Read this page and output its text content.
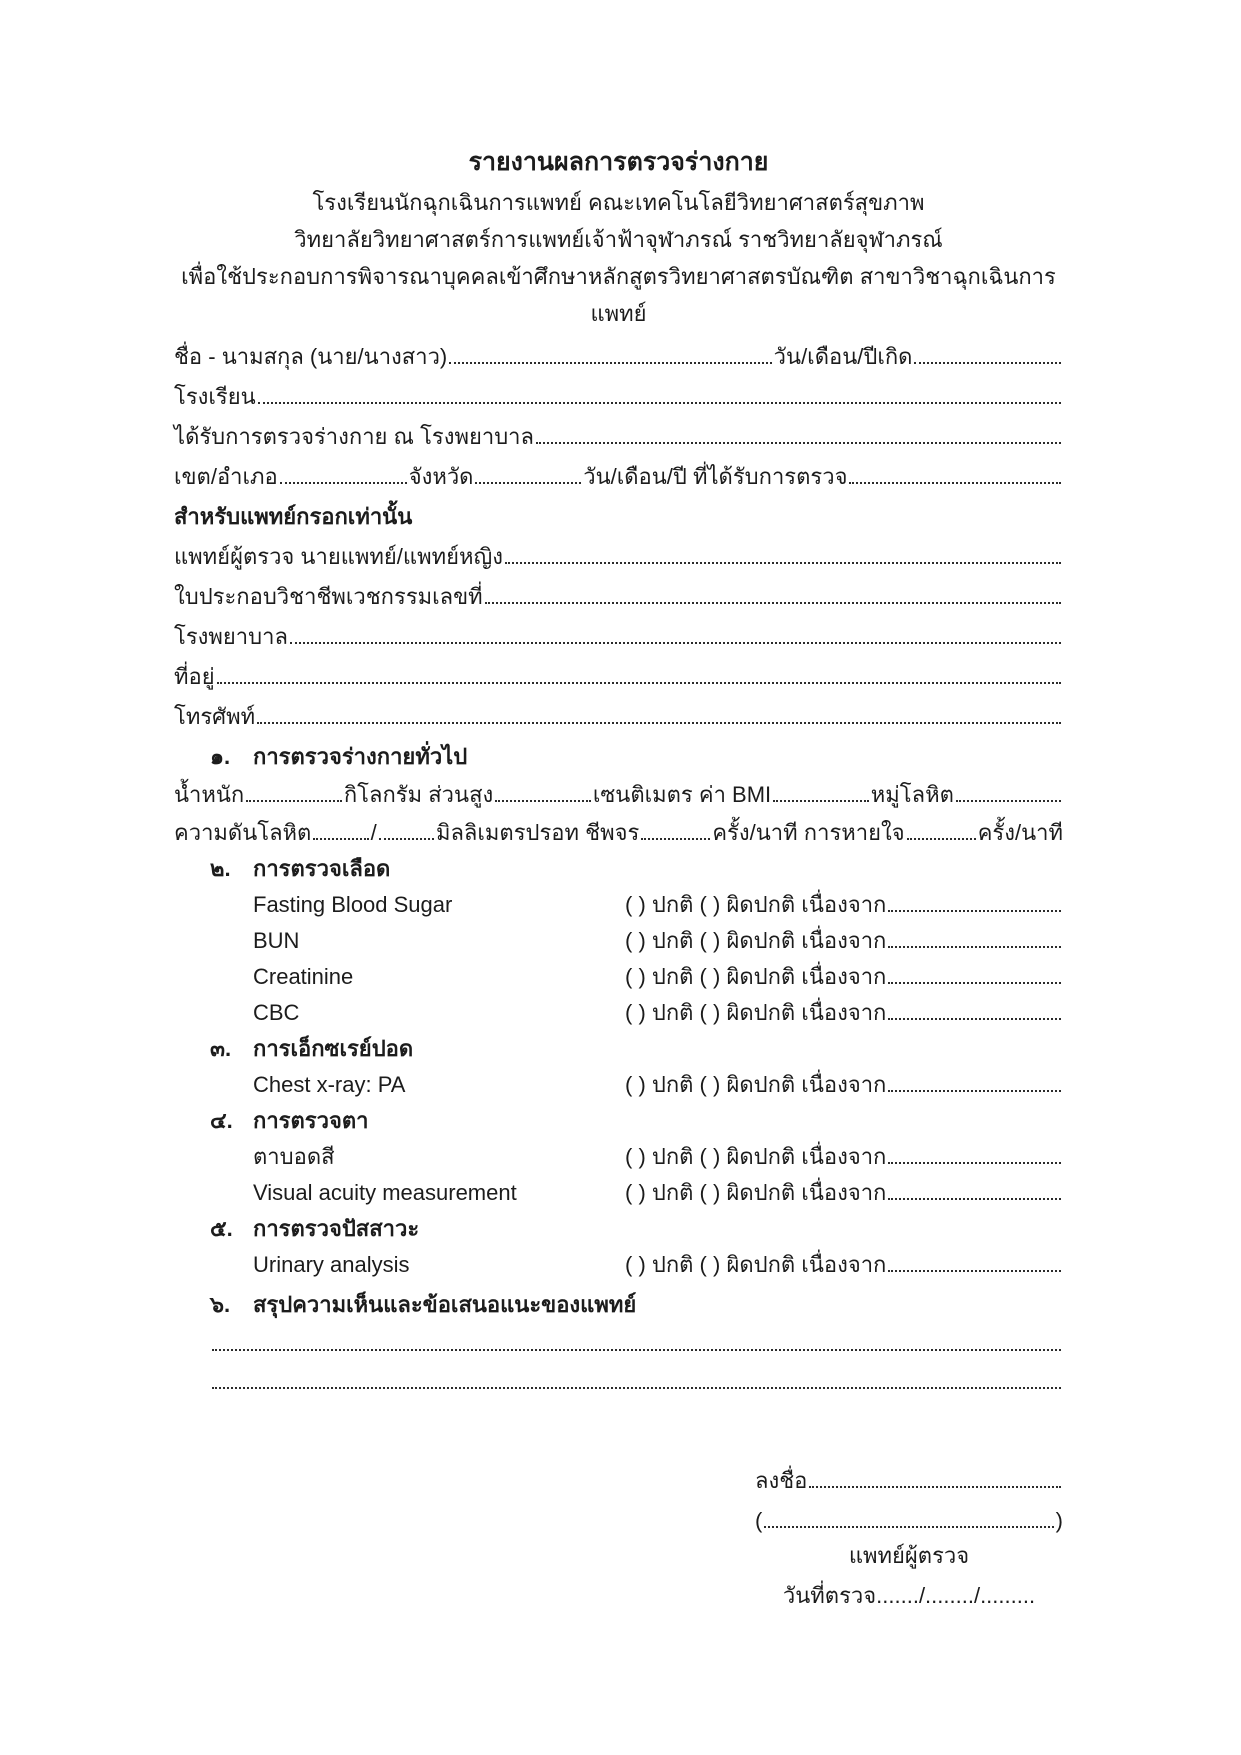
รายงานผลการตรวจร่างกาย
โรงเรียนนักฉุกเฉินการแพทย์ คณะเทคโนโลยีวิทยาศาสตร์สุขภาพ
วิทยาลัยวิทยาศาสตร์การแพทย์เจ้าฟ้าจุฬาภรณ์ ราชวิทยาลัยจุฬาภรณ์
เพื่อใช้ประกอบการพิจารณาบุคคลเข้าศึกษาหลักสูตรวิทยาศาสตรบัณฑิต สาขาวิชาฉุกเฉินการแพทย์
ชื่อ - นามสกุล (นาย/นางสาว)	วัน/เดือน/ปีเกิด
โรงเรียน
ได้รับการตรวจร่างกาย ณ โรงพยาบาล
เขต/อำเภอ	จังหวัด	วัน/เดือน/ปี ที่ได้รับการตรวจ
สำหรับแพทย์กรอกเท่านั้น
แพทย์ผู้ตรวจ นายแพทย์/แพทย์หญิง
ใบประกอบวิชาชีพเวชกรรมเลขที่
โรงพยาบาล
ที่อยู่
โทรศัพท์
๑.	การตรวจร่างกายทั่วไป
น้ำหนัก	กิโลกรัม
ส่วนสูง	เซนติเมตร
ค่า BMI	หมู่โลหิต
ความดันโลหิต	/	มิลลิเมตรปรอท
ชีพจร	ครั้ง/นาที
การหายใจ	ครั้ง/นาที
๒.	การตรวจเลือด
Fasting Blood Sugar	( ) ปกติ ( ) ผิดปกติ เนื่องจาก
BUN	( ) ปกติ ( ) ผิดปกติ เนื่องจาก
Creatinine	( ) ปกติ ( ) ผิดปกติ เนื่องจาก
CBC	( ) ปกติ ( ) ผิดปกติ เนื่องจาก
๓. การเอ็กซเรย์ปอด
Chest x-ray: PA	( ) ปกติ ( ) ผิดปกติ เนื่องจาก
๔. การตรวจตา
ตาบอดสี	( ) ปกติ ( ) ผิดปกติ เนื่องจาก
Visual acuity measurement	( ) ปกติ ( ) ผิดปกติ เนื่องจาก
๕. การตรวจปัสสาวะ
Urinary analysis	( ) ปกติ ( ) ผิดปกติ เนื่องจาก
๖.	สรุปความเห็นและข้อเสนอแนะของแพทย์
ลงชื่อ
(	)
แพทย์ผู้ตรวจ
วันที่ตรวจ......./......../.........
